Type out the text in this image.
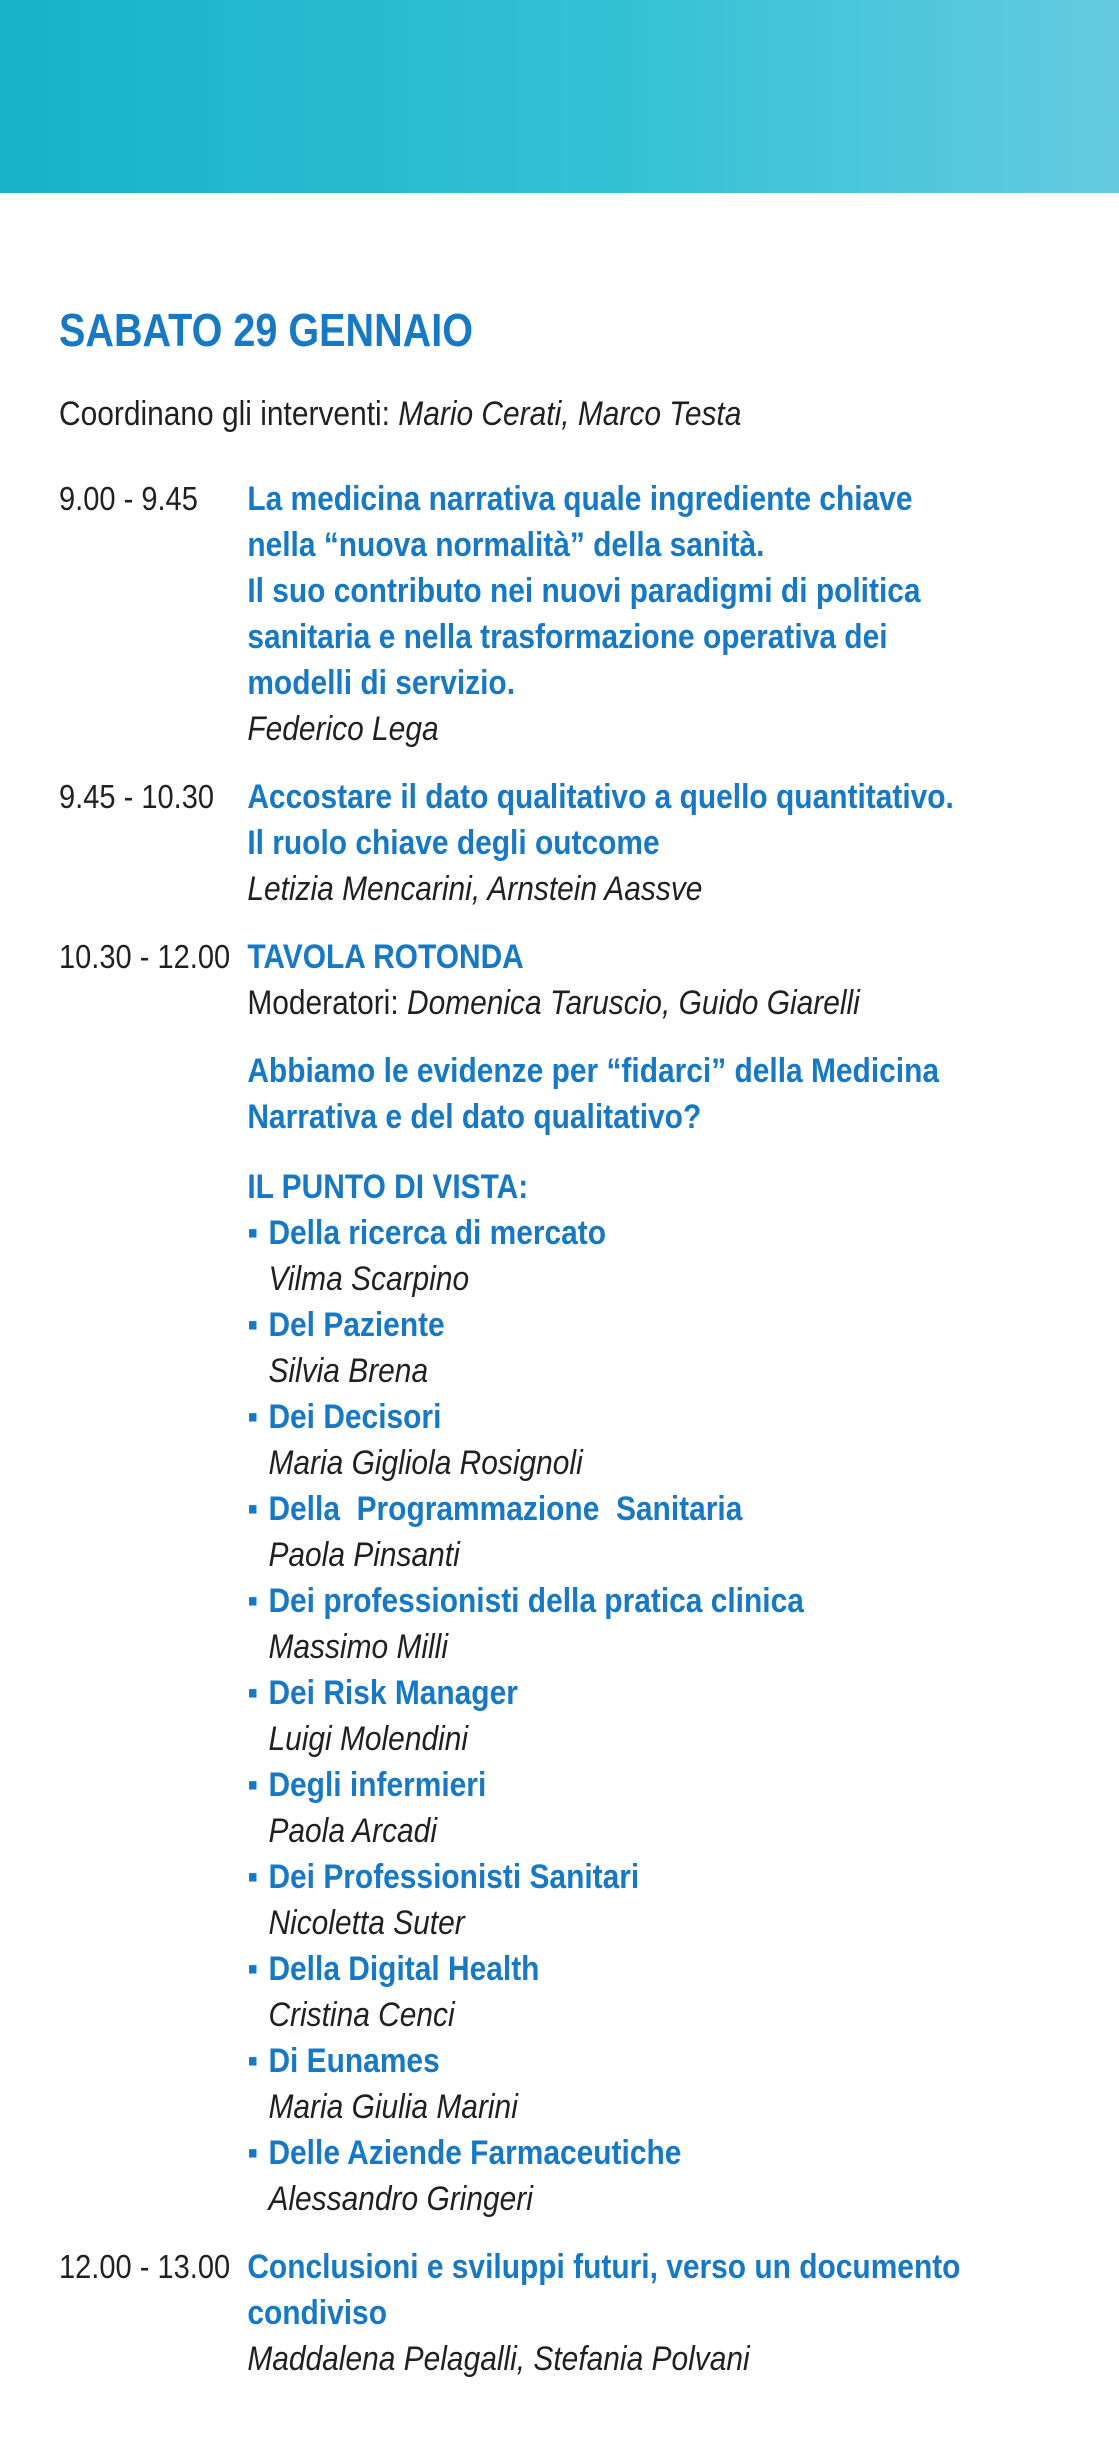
SABATO 29 GENNAIO
Coordinano gli interventi: Mario Cerati, Marco Testa
9.00 - 9.45	La medicina narrativa quale ingrediente chiave
nella “nuova normalità” della sanità.
Il suo contributo nei nuovi paradigmi di politica
sanitaria e nella trasformazione operativa dei
modelli di servizio.
Federico Lega
9.45 - 10.30 Accostare il dato qualitativo a quello quantitativo.
Il ruolo chiave degli outcome
Letizia Mencarini, Arnstein Aassve
10.30 - 12.00 TAVOLA ROTONDA
Moderatori: Domenica Taruscio, Guido Giarelli
Abbiamo le evidenze per “fidarci” della Medicina
Narrativa e del dato qualitativo?
IL PUNTO DI VISTA:
▪ Della ricerca di mercato
Vilma Scarpino
▪ Del Paziente
Silvia Brena
▪ Dei Decisori
Maria Gigliola Rosignoli
▪ Della  Programmazione  Sanitaria
Paola Pinsanti
▪ Dei professionisti della pratica clinica
Massimo Milli
▪ Dei Risk Manager
Luigi Molendini
▪ Degli infermieri
Paola Arcadi
▪ Dei Professionisti Sanitari
Nicoletta Suter
▪ Della Digital Health
Cristina Cenci
▪ Di Eunames
Maria Giulia Marini
▪ Delle Aziende Farmaceutiche
Alessandro Gringeri
12.00 - 13.00 Conclusioni e sviluppi futuri, verso un documento
condiviso
Maddalena Pelagalli, Stefania Polvani
